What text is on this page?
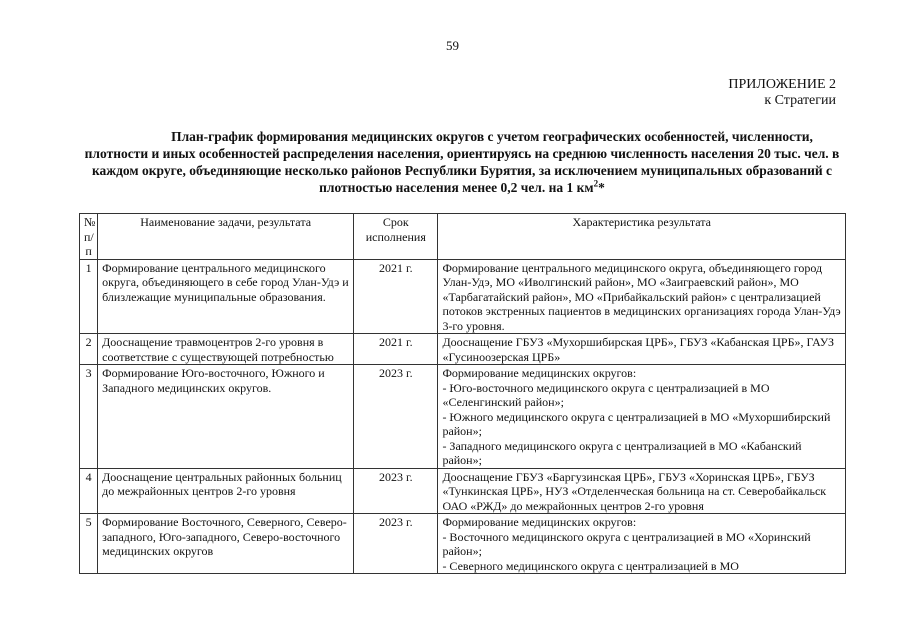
59
ПРИЛОЖЕНИЕ 2
к Стратегии
План-график формирования медицинских округов с учетом географических особенностей, численности, плотности и иных особенностей распределения населения, ориентируясь на среднюю численность населения 20 тыс. чел. в каждом округе, объединяющие несколько районов Республики Бурятия, за исключением муниципальных образований с плотностью населения менее 0,2 чел. на 1 $км^2*$
№ п/п	Наименование задачи, результата	Срок исполнения	Характеристика результата
1	Формирование центрального медицинского округа, объединяющего в себе город Улан-Удэ и близлежащие муниципальные образования.	2021 г.	Формирование центрального медицинского округа, объединяющего город Улан-Удэ, МО «Иволгинский район», МО «Заиграевский район», МО «Тарбагатайский район», МО «Прибайкальский район» с централизацией потоков экстренных пациентов в медицинских организациях города Улан-Удэ 3-го уровня.

2	Дооснащение травмоцентров 2-го уровня в соответствие с существующей потребностью	2021 г.	Дооснащение ГБУЗ «Мухоршибирская ЦРБ», ГБУЗ «Кабанская ЦРБ», ГАУЗ «Гусиноозерская ЦРБ»

3	Формирование Юго-восточного, Южного и Западного медицинских округов.	2023 г.	Формирование медицинских округов:
- Юго-восточного медицинского округа с централизацией в МО «Селенгинский район»;
- Южного медицинского округа с централизацией в МО «Мухоршибирский район»;
- Западного медицинского округа с централизацией в МО «Кабанский район»;

4	Дооснащение центральных районных больниц до межрайонных центров 2-го уровня	2023 г.	Дооснащение ГБУЗ «Баргузинская ЦРБ», ГБУЗ «Хоринская ЦРБ», ГБУЗ «Тункинская ЦРБ», НУЗ «Отделенческая больница на ст. Северобайкальск ОАО «РЖД» до межрайонных центров 2-го уровня

5	Формирование Восточного, Северного, Северо-западного, Юго-западного, Северо-восточного медицинских округов	2023 г.	Формирование медицинских округов:
- Восточного медицинского округа с централизацией в МО «Хоринский район»;
- Северного медицинского округа с централизацией в МО
